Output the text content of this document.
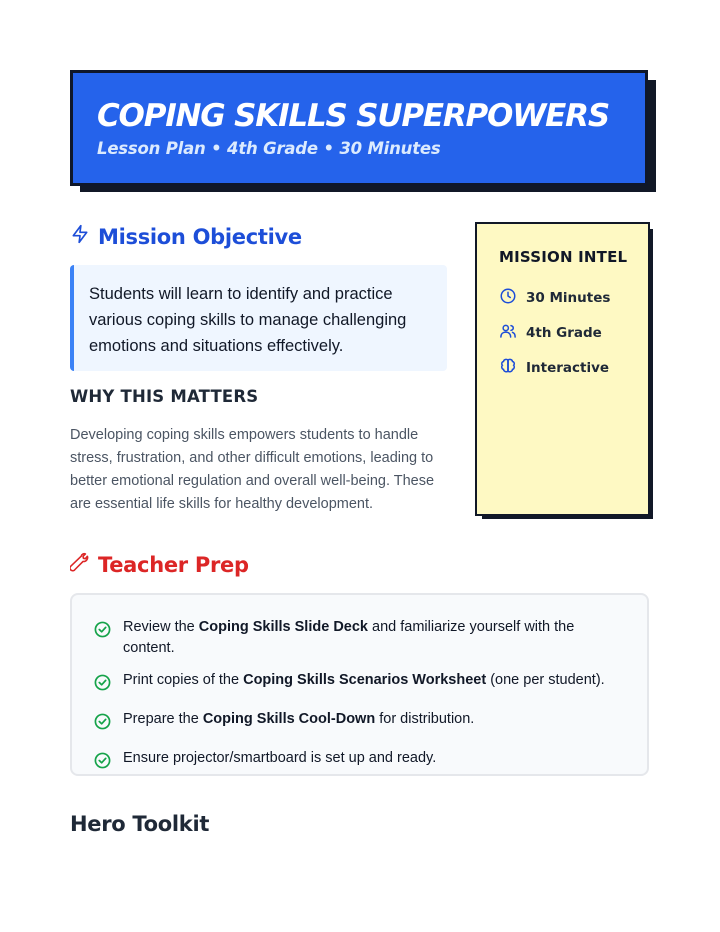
COPING SKILLS SUPERPOWERS
Lesson Plan • 4th Grade • 30 Minutes
Mission Objective
Students will learn to identify and practice various coping skills to manage challenging emotions and situations effectively.
WHY THIS MATTERS
Developing coping skills empowers students to handle stress, frustration, and other difficult emotions, leading to better emotional regulation and overall well-being. These are essential life skills for healthy development.
MISSION INTEL
30 Minutes
4th Grade
Interactive
Teacher Prep
Review the Coping Skills Slide Deck and familiarize yourself with the content.
Print copies of the Coping Skills Scenarios Worksheet (one per student).
Prepare the Coping Skills Cool-Down for distribution.
Ensure projector/smartboard is set up and ready.
Hero Toolkit
